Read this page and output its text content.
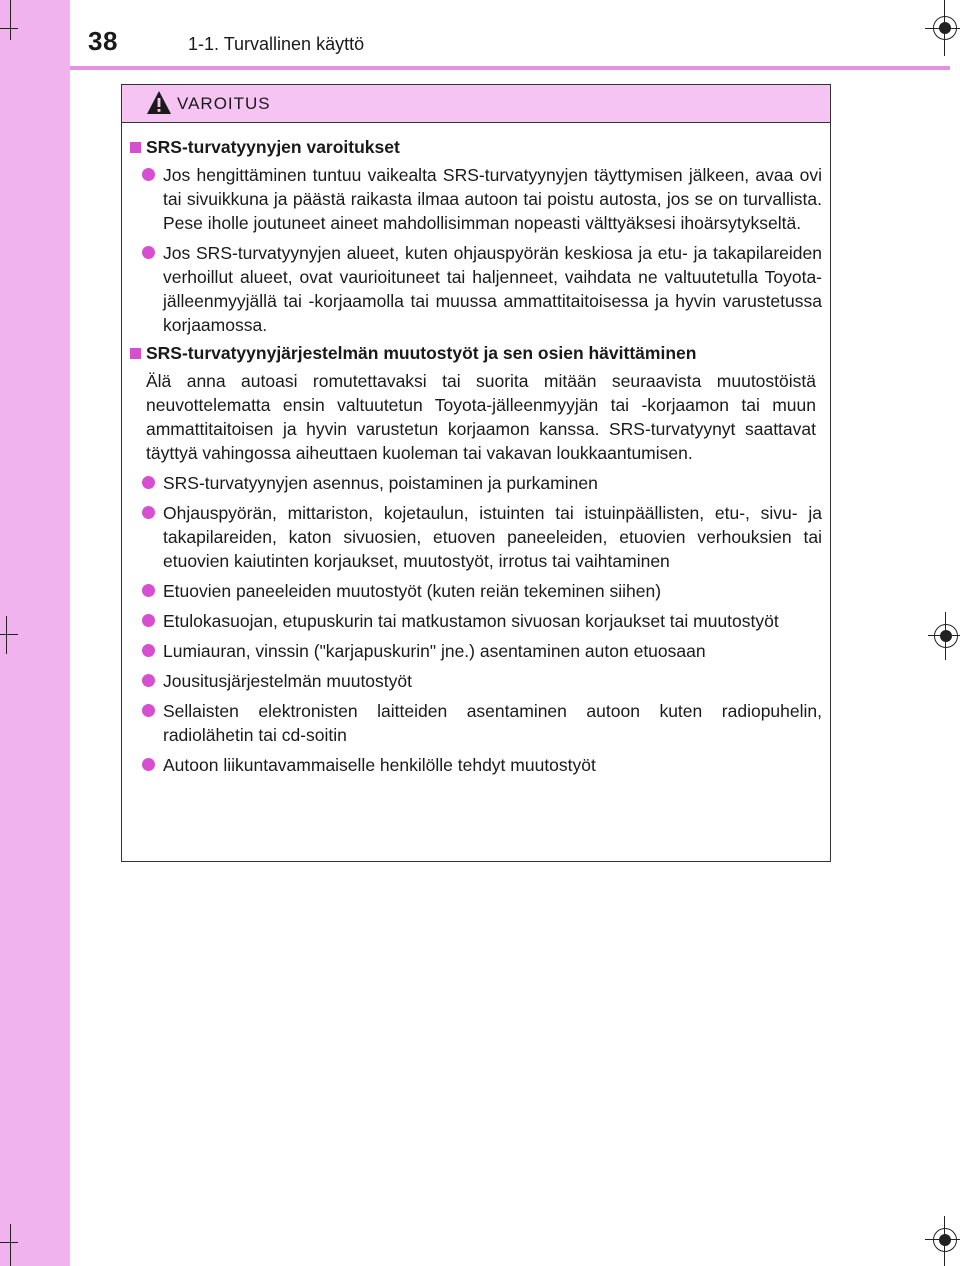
38	1-1. Turvallinen käyttö
VAROITUS
SRS-turvatyynyjen varoitukset
Jos hengittäminen tuntuu vaikealta SRS-turvatyynyjen täyttymisen jälkeen, avaa ovi tai sivuikkuna ja päästä raikasta ilmaa autoon tai poistu autosta, jos se on turvallista. Pese iholle joutuneet aineet mahdollisimman nopeasti välttyäksesi ihoärsytykseltä.
Jos SRS-turvatyynyjen alueet, kuten ohjauspyörän keskiosa ja etu- ja takapilareiden verhoillut alueet, ovat vaurioituneet tai haljenneet, vaihdata ne valtuutetulla Toyota-jälleenmyyjällä tai -korjaamolla tai muussa ammattitaitoisessa ja hyvin varustetussa korjaamossa.
SRS-turvatyynyjärjestelmän muutostyöt ja sen osien hävittäminen
Älä anna autoasi romutettavaksi tai suorita mitään seuraavista muutostöistä neuvottelematta ensin valtuutetun Toyota-jälleenmyyjän tai -korjaamon tai muun ammattitaitoisen ja hyvin varustetun korjaamon kanssa. SRS-turvatyynyt saattavat täyttyä vahingossa aiheuttaen kuoleman tai vakavan loukkaantumisen.
SRS-turvatyynyjen asennus, poistaminen ja purkaminen
Ohjauspyörän, mittariston, kojetaulun, istuinten tai istuinpäällisten, etu-, sivu- ja takapilareiden, katon sivuosien, etuoven paneeleiden, etuovien verhouksien tai etuovien kaiutinten korjaukset, muutostyöt, irrotus tai vaihtaminen
Etuovien paneeleiden muutostyöt (kuten reiän tekeminen siihen)
Etulokasuojan, etupuskurin tai matkustamon sivuosan korjaukset tai muutostyöt
Lumiauran, vinssin ("karjapuskurin" jne.) asentaminen auton etuosaan
Jousitusjärjestelmän muutostyöt
Sellaisten elektronisten laitteiden asentaminen autoon kuten radiopuhelin, radiolähetin tai cd-soitin
Autoon liikuntavammaiselle henkilölle tehdyt muutostyöt
